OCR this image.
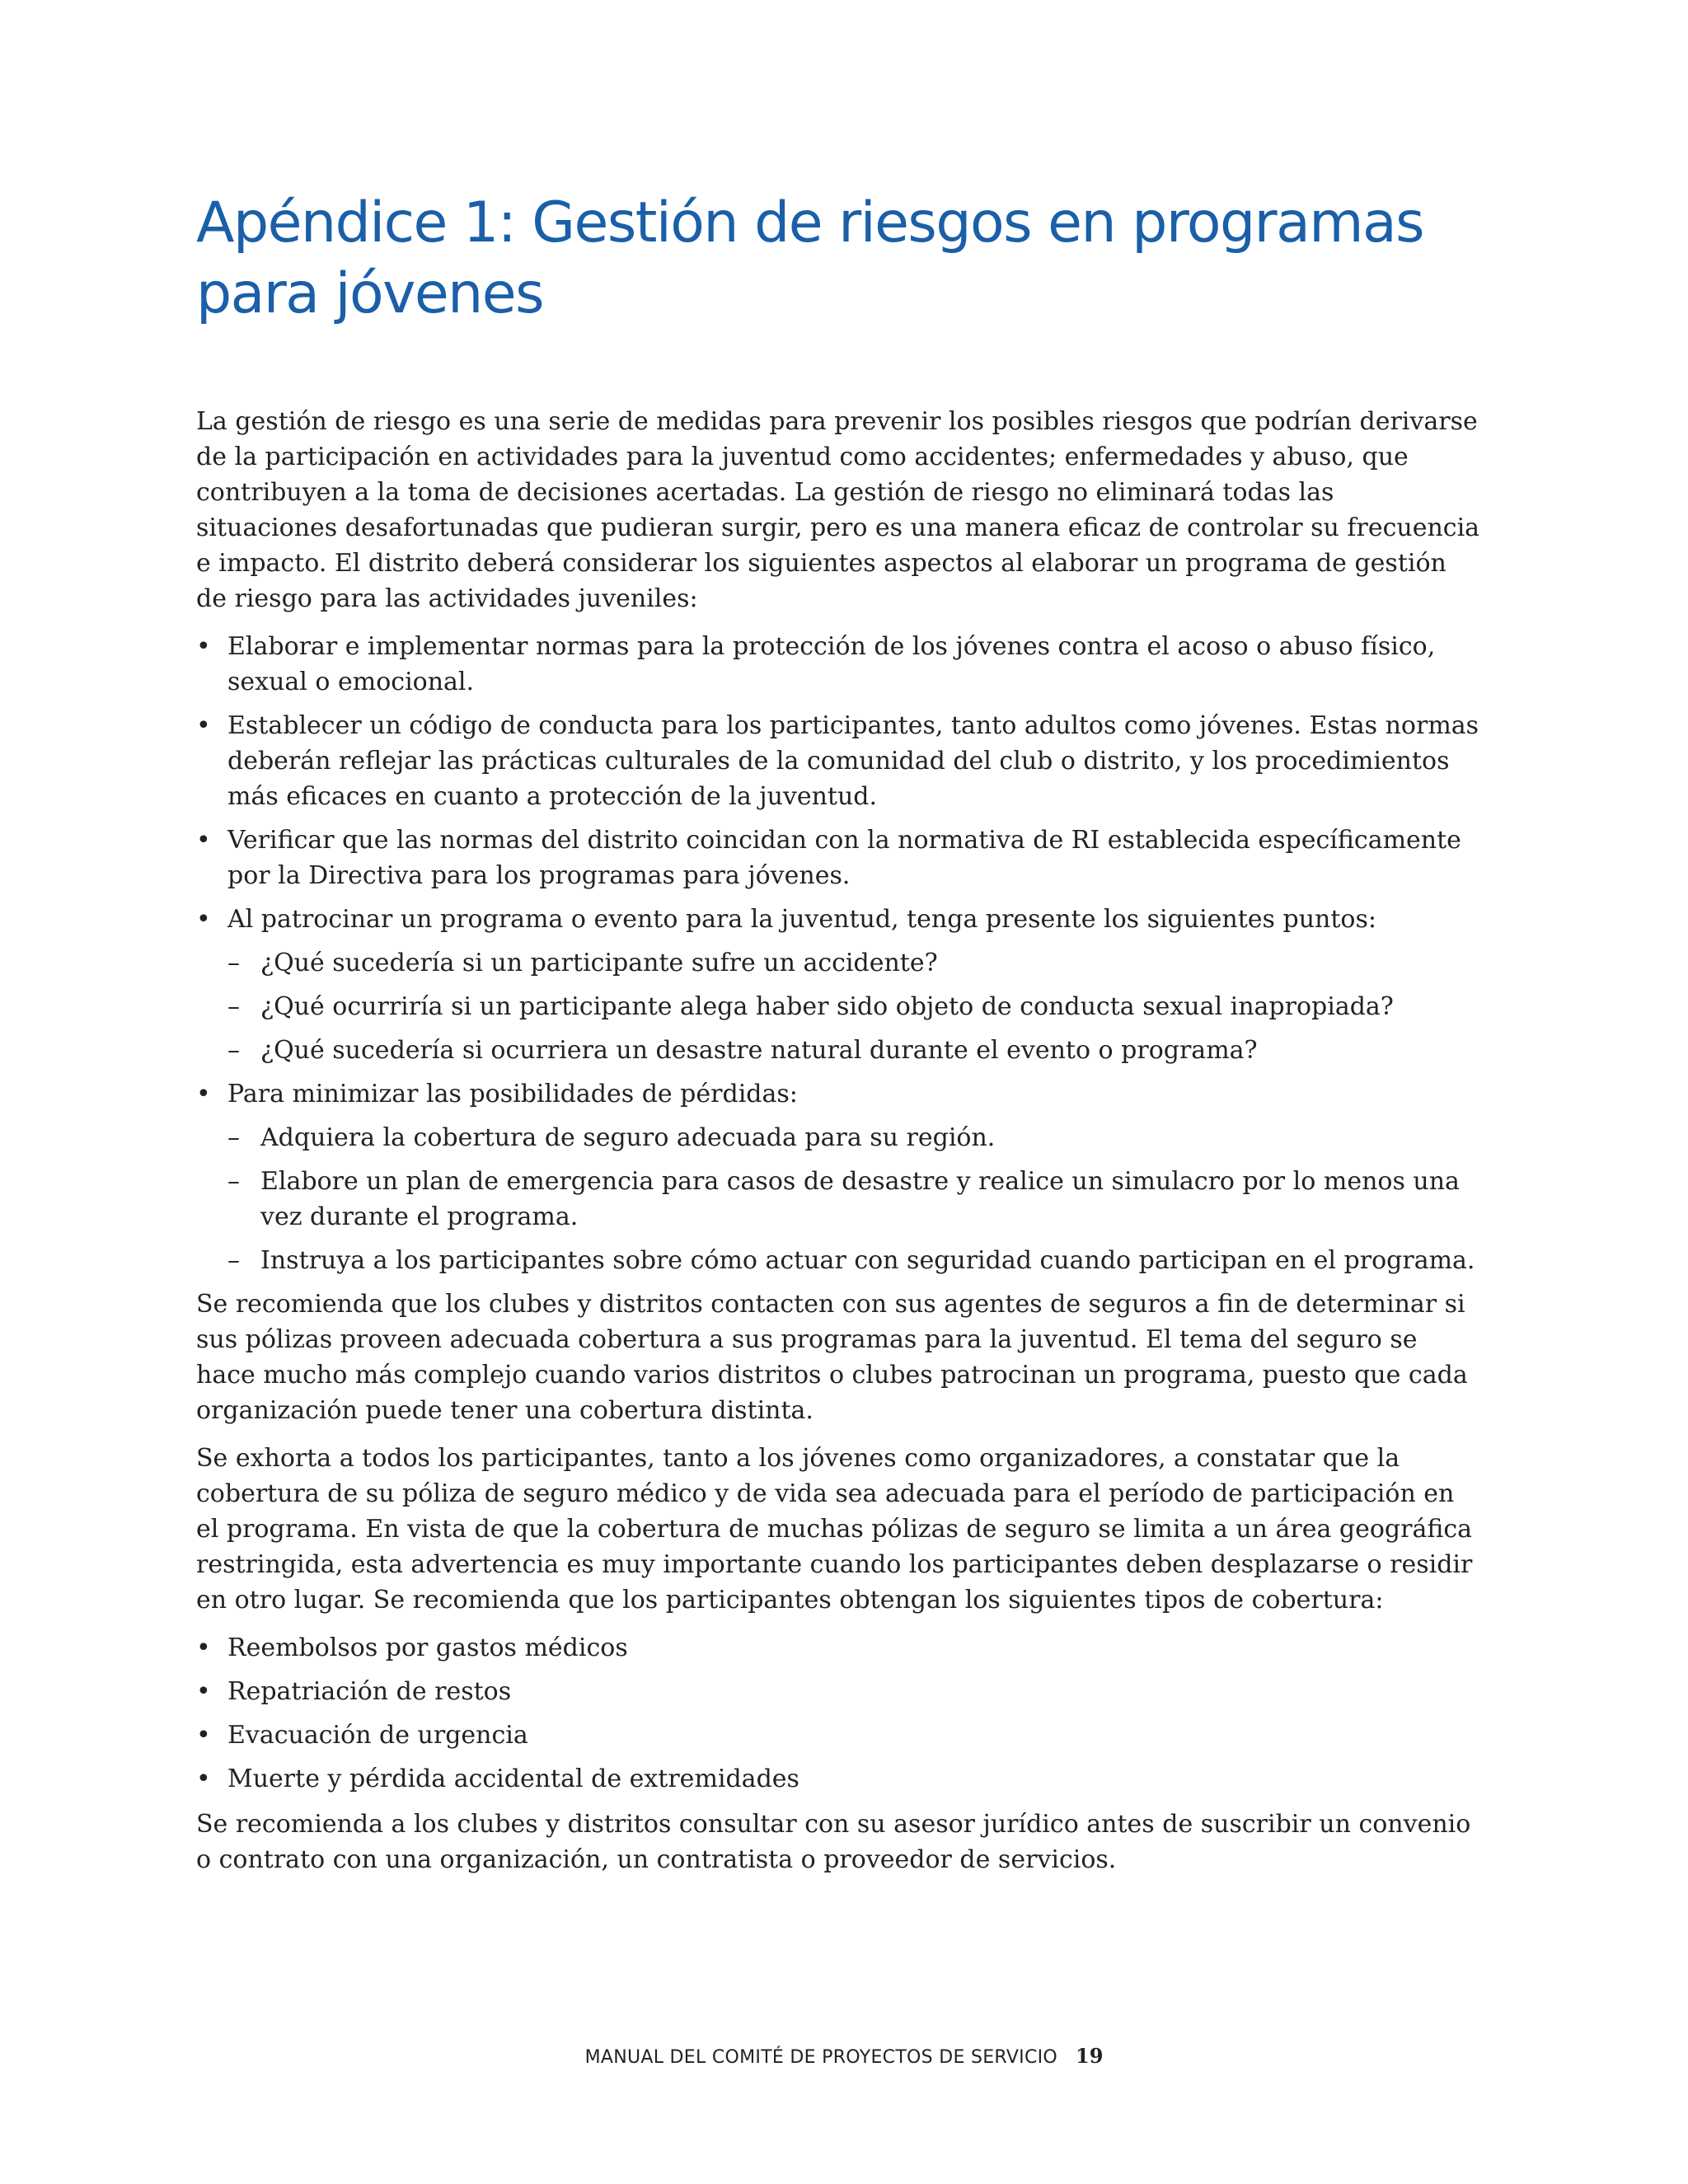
Apéndice 1: Gestión de riesgos en programas para jóvenes

La gestión de riesgo es una serie de medidas para prevenir los posibles riesgos que podrían derivarse de la participación en actividades para la juventud como accidentes; enfermedades y abuso, que contribuyen a la toma de decisiones acertadas. La gestión de riesgo no eliminará todas las situaciones desafortunadas que pudieran surgir, pero es una manera eficaz de controlar su frecuencia e impacto. El distrito deberá considerar los siguientes aspectos al elaborar un programa de gestión de riesgo para las actividades juveniles:

• Elaborar e implementar normas para la protección de los jóvenes contra el acoso o abuso físico, sexual o emocional.
• Establecer un código de conducta para los participantes, tanto adultos como jóvenes. Estas normas deberán reflejar las prácticas culturales de la comunidad del club o distrito, y los procedimientos más eficaces en cuanto a protección de la juventud.
• Verificar que las normas del distrito coincidan con la normativa de RI establecida específicamente por la Directiva para los programas para jóvenes.
• Al patrocinar un programa o evento para la juventud, tenga presente los siguientes puntos:
– ¿Qué sucedería si un participante sufre un accidente?
– ¿Qué ocurriría si un participante alega haber sido objeto de conducta sexual inapropiada?
– ¿Qué sucedería si ocurriera un desastre natural durante el evento o programa?
• Para minimizar las posibilidades de pérdidas:
– Adquiera la cobertura de seguro adecuada para su región.
– Elabore un plan de emergencia para casos de desastre y realice un simulacro por lo menos una vez durante el programa.
– Instruya a los participantes sobre cómo actuar con seguridad cuando participan en el programa.

Se recomienda que los clubes y distritos contacten con sus agentes de seguros a fin de determinar si sus pólizas proveen adecuada cobertura a sus programas para la juventud. El tema del seguro se hace mucho más complejo cuando varios distritos o clubes patrocinan un programa, puesto que cada organización puede tener una cobertura distinta.

Se exhorta a todos los participantes, tanto a los jóvenes como organizadores, a constatar que la cobertura de su póliza de seguro médico y de vida sea adecuada para el período de participación en el programa. En vista de que la cobertura de muchas pólizas de seguro se limita a un área geográfica restringida, esta advertencia es muy importante cuando los participantes deben desplazarse o residir en otro lugar. Se recomienda que los participantes obtengan los siguientes tipos de cobertura:

• Reembolsos por gastos médicos
• Repatriación de restos
• Evacuación de urgencia
• Muerte y pérdida accidental de extremidades

Se recomienda a los clubes y distritos consultar con su asesor jurídico antes de suscribir un convenio o contrato con una organización, un contratista o proveedor de servicios.

MANUAL DEL COMITÉ DE PROYECTOS DE SERVICIO 19
